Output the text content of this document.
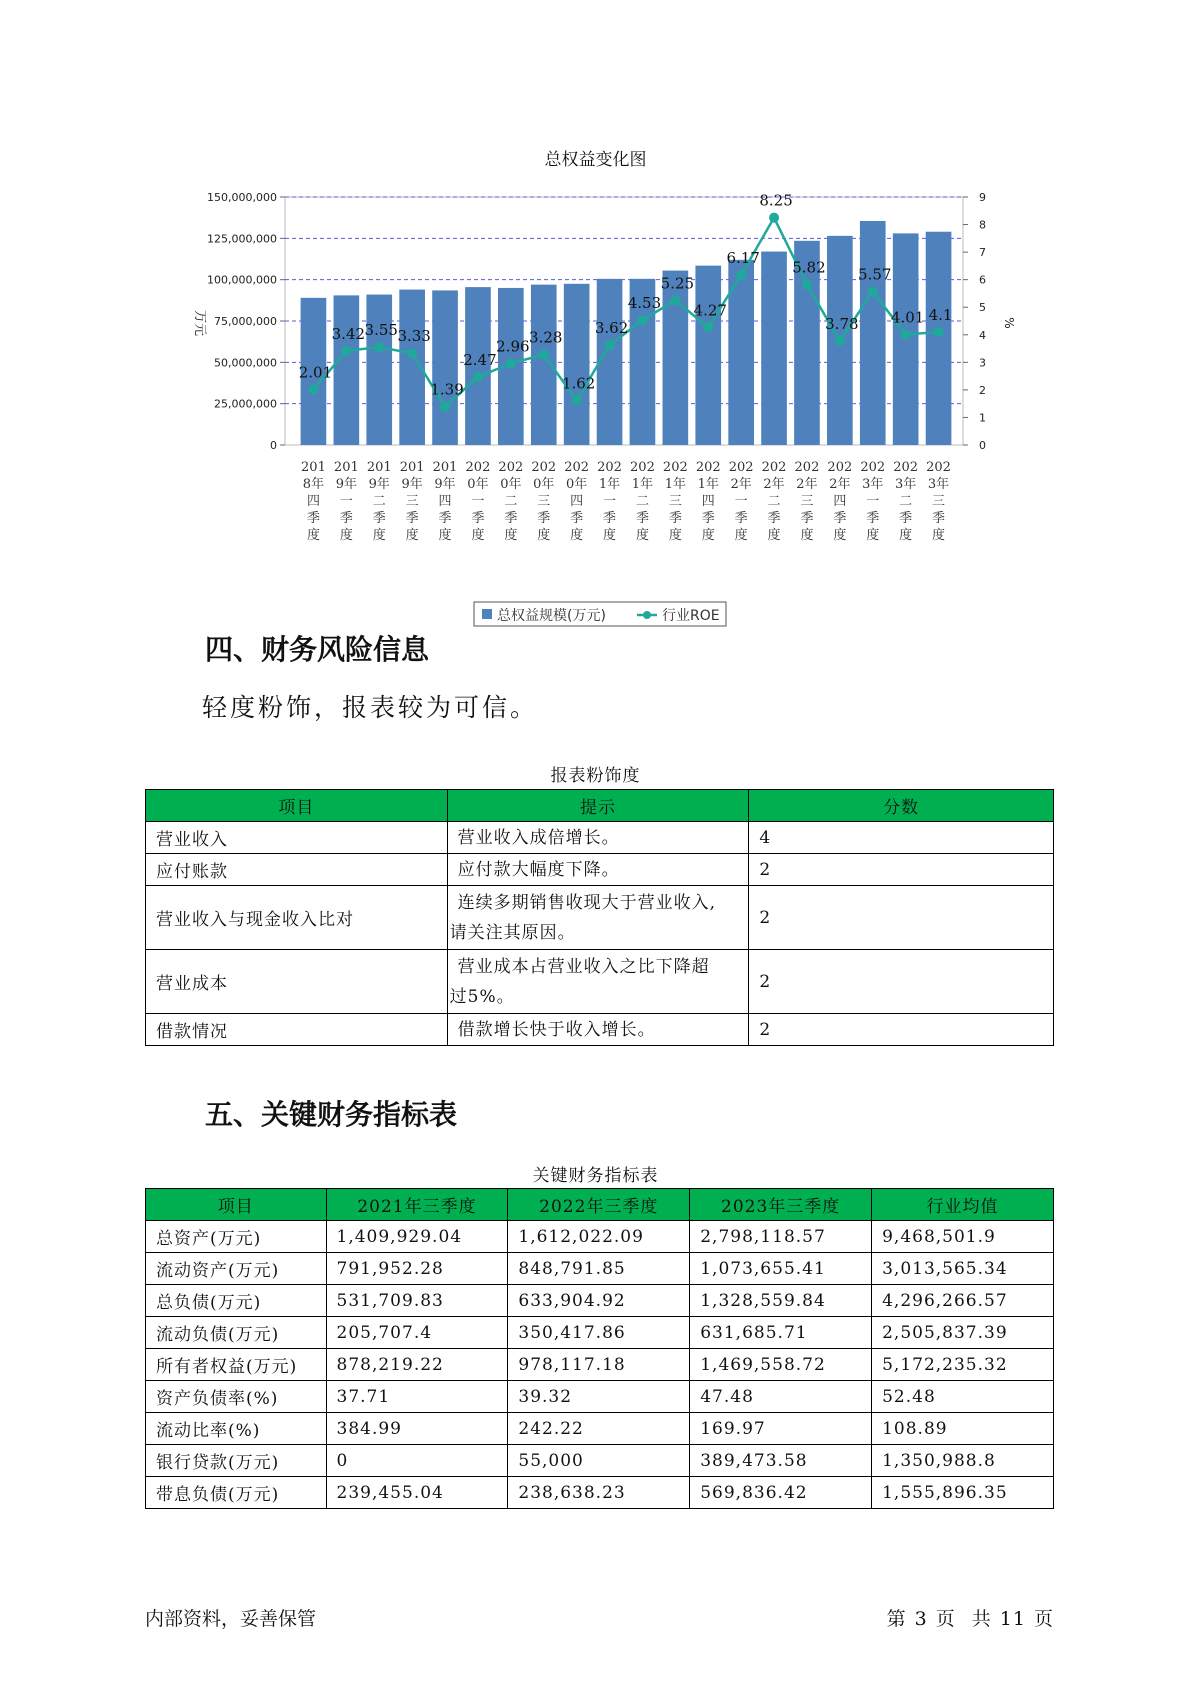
总权益变化图
150,000,000
125,000,000
100,000,000
75,000,000
50,000,000
25,000,000
0
9
8
7
6
5
4
3
2
1
0
万元	%
2.01
3.42 3.55 3.33
1.39
2.47
2.96 3.28
1.62
3.62
4.53
5.25
4.27
6.17
8.25
5.82
3.78
5.57
4.01 4.1
201 8年四季度
201 9年一季度
201 9年二季度
201 9年三季度
201 9年四季度
202 0年一季度
202 0年二季度
202 0年三季度
202 0年四季度
202 1年一季度
202 1年二季度
202 1年三季度
202 1年四季度
202 2年一季度
202 2年二季度
202 2年三季度
202 2年四季度
202 3年一季度
202 3年二季度
202 3年三季度
总权益规模(万元)	行业ROE
四、财务风险信息
轻度粉饰，报表较为可信。
报表粉饰度
项目	提示	分数
营业收入	营业收入成倍增长。	4
应付账款	应付款大幅度下降。	2
营业收入与现金收入比对	连续多期销售收现大于营业收入,
请关注其原因。	2
营业成本	营业成本占营业收入之比下降超
过5%。	2
借款情况	借款增长快于收入增长。	2
五、关键财务指标表
关键财务指标表
项目	2021年三季度	2022年三季度	2023年三季度	行业均值
总资产(万元)	1,409,929.04	1,612,022.09	2,798,118.57	9,468,501.9
流动资产(万元)	791,952.28	848,791.85	1,073,655.41	3,013,565.34
总负债(万元)	531,709.83	633,904.92	1,328,559.84	4,296,266.57
流动负债(万元)	205,707.4	350,417.86	631,685.71	2,505,837.39
所有者权益(万元)	878,219.22	978,117.18	1,469,558.72	5,172,235.32
资产负债率(%)	37.71	39.32	47.48	52.48
流动比率(%)	384.99	242.22	169.97	108.89
银行贷款(万元)	0	55,000	389,473.58	1,350,988.8
带息负债(万元)	239,455.04	238,638.23	569,836.42	1,555,896.35
内部资料，妥善保管	第 3 页 共 11 页
